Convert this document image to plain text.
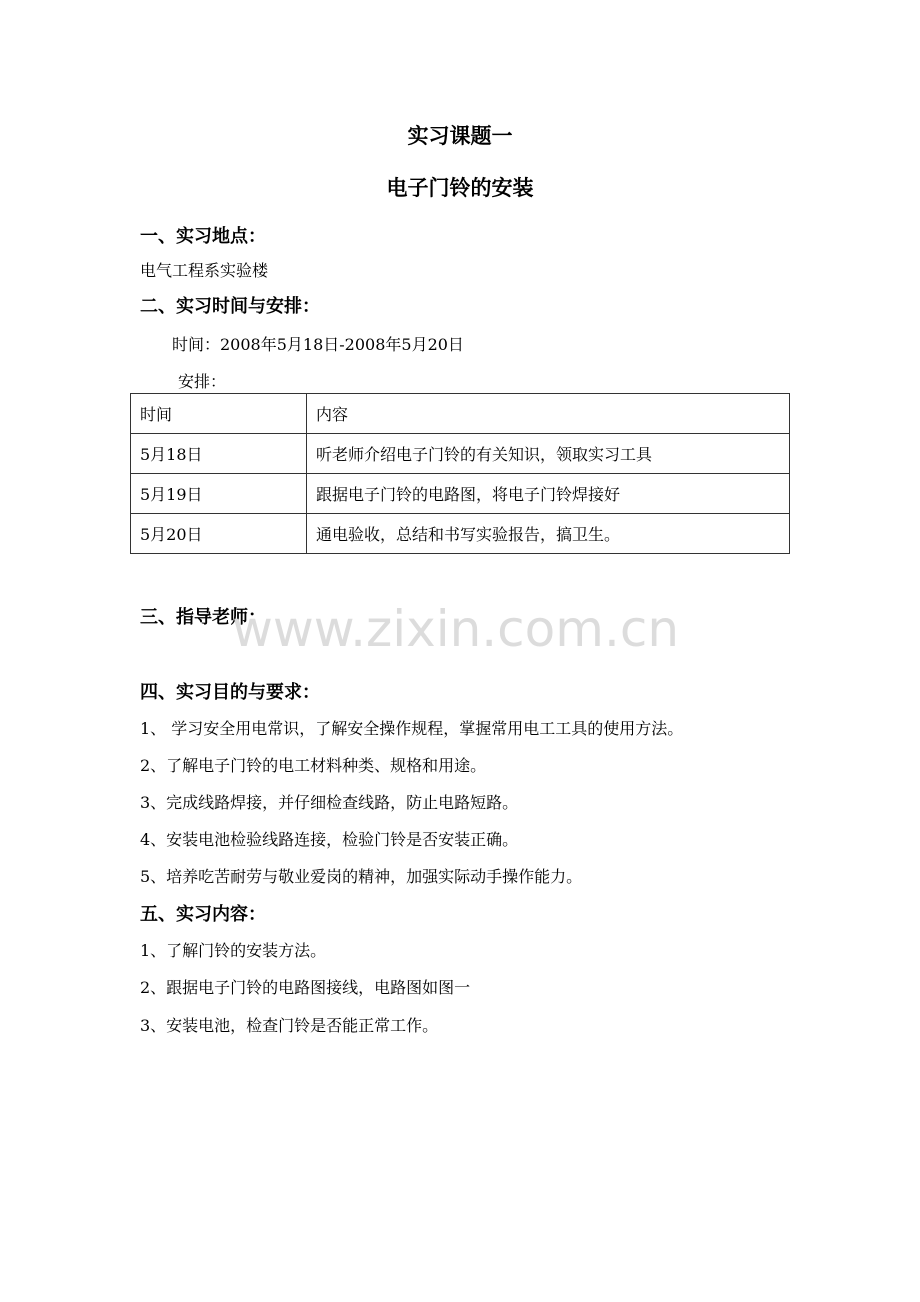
实习课题一
电子门铃的安装
一、实习地点：
电气工程系实验楼
二、实习时间与安排：
时间：2008年5月18日-2008年5月20日
安排：
时间	内容
5月18日	听老师介绍电子门铃的有关知识，领取实习工具
5月19日	跟据电子门铃的电路图，将电子门铃焊接好
5月20日	通电验收，总结和书写实验报告，搞卫生。
三、指导老师：
www.zixin.com.cn
四、实习目的与要求：
1、 学习安全用电常识，了解安全操作规程，掌握常用电工工具的使用方法。
2、了解电子门铃的电工材料种类、规格和用途。
3、完成线路焊接，并仔细检查线路，防止电路短路。
4、安装电池检验线路连接，检验门铃是否安装正确。
5、培养吃苦耐劳与敬业爱岗的精神，加强实际动手操作能力。
五、实习内容：
1、了解门铃的安装方法。
2、跟据电子门铃的电路图接线，电路图如图一
3、安装电池，检查门铃是否能正常工作。
